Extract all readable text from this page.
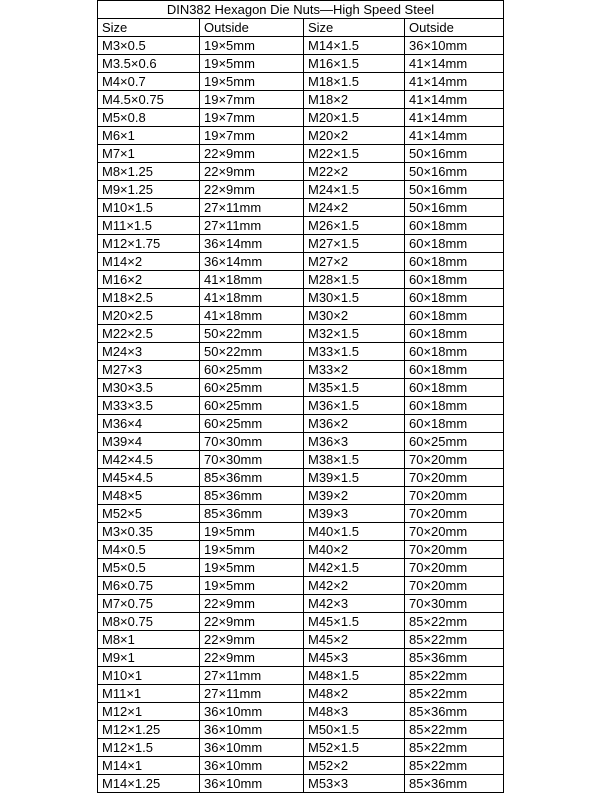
DIN382 Hexagon Die Nuts—High Speed Steel			
Size	Outside	Size	Outside
M3×0.5	19×5mm	M14×1.5	36×10mm
M3.5×0.6	19×5mm	M16×1.5	41×14mm
M4×0.7	19×5mm	M18×1.5	41×14mm
M4.5×0.75	19×7mm	M18×2	41×14mm
M5×0.8	19×7mm	M20×1.5	41×14mm
M6×1	19×7mm	M20×2	41×14mm
M7×1	22×9mm	M22×1.5	50×16mm
M8×1.25	22×9mm	M22×2	50×16mm
M9×1.25	22×9mm	M24×1.5	50×16mm
M10×1.5	27×11mm	M24×2	50×16mm
M11×1.5	27×11mm	M26×1.5	60×18mm
M12×1.75	36×14mm	M27×1.5	60×18mm
M14×2	36×14mm	M27×2	60×18mm
M16×2	41×18mm	M28×1.5	60×18mm
M18×2.5	41×18mm	M30×1.5	60×18mm
M20×2.5	41×18mm	M30×2	60×18mm
M22×2.5	50×22mm	M32×1.5	60×18mm
M24×3	50×22mm	M33×1.5	60×18mm
M27×3	60×25mm	M33×2	60×18mm
M30×3.5	60×25mm	M35×1.5	60×18mm
M33×3.5	60×25mm	M36×1.5	60×18mm
M36×4	60×25mm	M36×2	60×18mm
M39×4	70×30mm	M36×3	60×25mm
M42×4.5	70×30mm	M38×1.5	70×20mm
M45×4.5	85×36mm	M39×1.5	70×20mm
M48×5	85×36mm	M39×2	70×20mm
M52×5	85×36mm	M39×3	70×20mm
M3×0.35	19×5mm	M40×1.5	70×20mm
M4×0.5	19×5mm	M40×2	70×20mm
M5×0.5	19×5mm	M42×1.5	70×20mm
M6×0.75	19×5mm	M42×2	70×20mm
M7×0.75	22×9mm	M42×3	70×30mm
M8×0.75	22×9mm	M45×1.5	85×22mm
M8×1	22×9mm	M45×2	85×22mm
M9×1	22×9mm	M45×3	85×36mm
M10×1	27×11mm	M48×1.5	85×22mm
M11×1	27×11mm	M48×2	85×22mm
M12×1	36×10mm	M48×3	85×36mm
M12×1.25	36×10mm	M50×1.5	85×22mm
M12×1.5	36×10mm	M52×1.5	85×22mm
M14×1	36×10mm	M52×2	85×22mm
M14×1.25	36×10mm	M53×3	85×36mm
